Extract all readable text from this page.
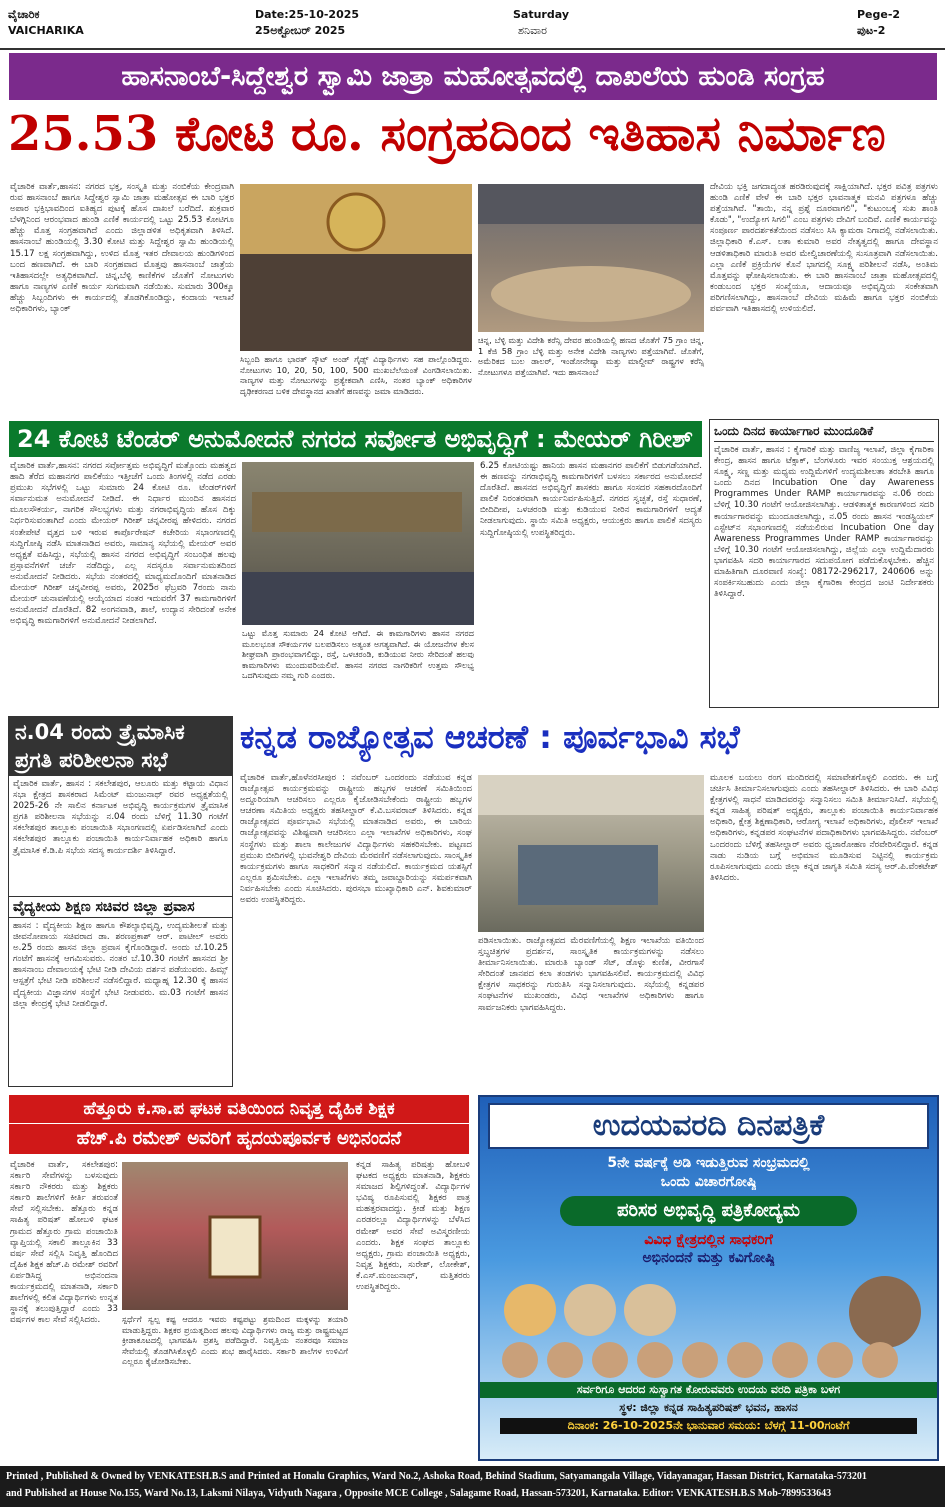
ವೈಚಾರಿಕ
VAICHARIKA
Date:25-10-2025
25ಅಕ್ಟೋಬರ್ 2025
Saturday
ಶನಿವಾರ
Pege-2
ಪುಟ-2
ಹಾಸನಾಂಬೆ-ಸಿದ್ದೇಶ್ವರ ಸ್ವಾಮಿ ಜಾತ್ರಾ ಮಹೋತ್ಸವದಲ್ಲಿ ದಾಖಲೆಯ ಹುಂಡಿ ಸಂಗ್ರಹ
25.53 ಕೋಟಿ ರೂ. ಸಂಗ್ರಹದಿಂದ ಇತಿಹಾಸ ನಿರ್ಮಾಣ
ವೈಚಾರಿಕ ವಾರ್ತೆ,ಹಾಸನ: ನಗರದ ಭಕ್ತ, ಸಂಸ್ಕೃತಿ ಮತ್ತು ನಂಬಿಕೆಯ ಕೇಂದ್ರವಾಗಿ ರುವ ಹಾಸನಾಂಬೆ ಹಾಗೂ ಸಿದ್ದೇಶ್ವರ ಸ್ವಾಮಿ ಜಾತ್ರಾ ಮಹೋತ್ಸವ ಈ ಬಾರಿ ಭಕ್ತರ ಅಪಾರ ಭಕ್ತಿಭಾವದಿಂದ ಐತಿಹ್ಯದ ಪುಟಕ್ಕೆ ಹೊಸ ದಾಖಲೆ ಬರೆದಿದೆ. ಶುಕ್ರವಾರ ಬೆಳಗ್ಗಿನಿಂದ ಆರಂಭವಾದ ಹುಂಡಿ ಎಣಿಕೆ ಕಾರ್ಯದಲ್ಲಿ ಒಟ್ಟು 25.53 ಕೋಟಿಗೂ ಹೆಚ್ಚು ಮೊತ್ತ ಸಂಗ್ರಹವಾಗಿದೆ ಎಂದು ಜಿಲ್ಲಾಡಳಿತ ಅಧಿಕೃತವಾಗಿ ತಿಳಿಸಿದೆ. ಹಾಸನಾಂಬೆ ಹುಂಡಿಯಲ್ಲಿ 3.30 ಕೋಟಿ ಮತ್ತು ಸಿದ್ದೇಶ್ವರ ಸ್ವಾಮಿ ಹುಂಡಿಯಲ್ಲಿ 15.17 ಲಕ್ಷ ಸಂಗ್ರಹವಾಗಿದ್ದು, ಉಳಿದ ಮೊತ್ತ ಇತರ ದೇವಾಲಯ ಹುಂಡಿಗಳಿಂದ ಬಂದ ಹಣವಾಗಿದೆ. ಈ ಬಾರಿ ಸಂಗ್ರಹವಾದ ಮೊತ್ತವು ಹಾಸನಾಂಬೆ ಜಾತ್ರೆಯ ಇತಿಹಾಸದಲ್ಲೇ ಅತ್ಯಧಿಕವಾಗಿದೆ. ಚಿನ್ನ,ಬೆಳ್ಳಿ ಕಾಣಿಕೆಗಳ ಜೊತೆಗೆ ನೋಟುಗಳು ಹಾಗೂ ನಾಣ್ಯಗಳ ಎಣಿಕೆ ಕಾರ್ಯ ಸುಗಮವಾಗಿ ನಡೆಯಿತು. ಸುಮಾರು 300ಕ್ಕೂ ಹೆಚ್ಚು ಸಿಬ್ಬಂದಿಗಳು ಈ ಕಾರ್ಯದಲ್ಲಿ ತೊಡಗಿಕೊಂಡಿದ್ದು, ಕಂದಾಯ ಇಲಾಖೆ ಅಧಿಕಾರಿಗಳು, ಬ್ಯಾಂಕ್
ಸಿಬ್ಬಂದಿ ಹಾಗೂ ಭಾರತ್ ಸ್ಕೌಟ್ ಅಂಡ್ ಗೈಡ್ಸ್ ವಿದ್ಯಾರ್ಥಿಗಳು ಸಹ ಪಾಲ್ಗೊಂಡಿದ್ದರು. ನೋಟುಗಳು 10, 20, 50, 100, 500 ಮುಖಬೆಲೆಯಂತೆ ವಿಂಗಡಿಸಲಾಯಿತು. ನಾಣ್ಯಗಳ ಮತ್ತು ನೋಟುಗಳನ್ನು ಪ್ರತ್ಯೇಕವಾಗಿ ಎಣಿಸಿ, ನಂತರ ಬ್ಯಾಂಕ್ ಅಧಿಕಾರಿಗಳ ದೃಢೀಕರಣದ ಬಳಿಕ ದೇವಸ್ಥಾನದ ಖಾತೆಗೆ ಹಣವನ್ನು ಜಮಾ ಮಾಡಿದರು.
ಚಿನ್ನ, ಬೆಳ್ಳಿ ಮತ್ತು ವಿದೇಶಿ ಕರೆನ್ಸಿ ದೇವರ ಹುಂಡಿಯಲ್ಲಿ ಹಣದ ಜೊತೆಗೆ 75 ಗ್ರಾಂ ಚಿನ್ನ, 1 ಕೆಜಿ 58 ಗ್ರಾಂ ಬೆಳ್ಳಿ ಮತ್ತು ಅನೇಕ ವಿದೇಶಿ ನಾಣ್ಯಗಳು ಪತ್ತೆಯಾಗಿವೆ. ಜೊತೆಗೆ, ಅಮೆರಿಕದ ಬುಲ ಡಾಲರ್, ಇಂಡೋನೇಷ್ಯಾ ಮತ್ತು ಮಾಲ್ದೀವ್ ರಾಷ್ಟ್ರಗಳ ಕರೆನ್ಸಿ ನೋಟುಗಳೂ ಪತ್ತೆಯಾಗಿವೆ. ಇದು ಹಾಸನಾಂಬೆ
ದೇವಿಯ ಭಕ್ತಿ ಜಗದಾದ್ಯಂತ ಹರಡಿರುವುದಕ್ಕೆ ಸಾಕ್ಷಿಯಾಗಿದೆ. ಭಕ್ತರ ಪವಿತ್ರ ಪತ್ರಗಳು ಹುಂಡಿ ಎಣಿಕೆ ವೇಳೆ ಈ ಬಾರಿ ಭಕ್ತರ ಭಾವನಾತ್ಮಕ ಮನವಿ ಪತ್ರಗಳೂ ಹೆಚ್ಚು ಪತ್ತೆಯಾಗಿವೆ. "ತಾಯಿ, ನನ್ನ ಪ್ರಶ್ನೆ ದೂರವಾಗಲಿ", "ಕುಟುಂಬಕ್ಕೆ ಸುಖ ಶಾಂತಿ ಕೊಡು", "ಉದ್ಯೋಗ ಸಿಗಲಿ" ಎಂಬ ಪತ್ರಗಳು ದೇವಿಗೆ ಬಂದಿವೆ. ಎಣಿಕೆ ಕಾರ್ಯವನ್ನು ಸಂಪೂರ್ಣ ಪಾರದರ್ಶಕತೆಯಿಂದ ನಡೆಸಲು ಸಿಸಿ ಕ್ಯಾಮರಾ ನಿಗಾದಲ್ಲಿ ನಡೆಸಲಾಯಿತು. ಜಿಲ್ಲಾಧಿಕಾರಿ ಕೆ.ಎಸ್. ಲತಾ ಕುಮಾರಿ ಅವರ ನೇತೃತ್ವದಲ್ಲಿ ಹಾಗೂ ದೇವಸ್ಥಾನ ಆಡಳಿತಾಧಿಕಾರಿ ಮಾರುತಿ ಅವರ ಮೇಲ್ವಿಚಾರಣೆಯಲ್ಲಿ ಸುಸೂತ್ರವಾಗಿ ನಡೆಸಲಾಯಿತು. ಎಲ್ಲಾ ಎಣಿಕೆ ಪ್ರಕ್ರಿಯೆಗಳ ಕೊನೆ ಭಾಗದಲ್ಲಿ ಸೂಕ್ಷ್ಮ ಪರಿಶೀಲನೆ ನಡೆಸಿ, ಅಂತಿಮ ಮೊತ್ತವನ್ನು ಘೋಷಿಸಲಾಯಿತು. ಈ ಬಾರಿ ಹಾಸನಾಂಬೆ ಜಾತ್ರಾ ಮಹೋತ್ಸವದಲ್ಲಿ ಕಂಡುಬಂದ ಭಕ್ತರ ಸಂಖ್ಯೆಯೂ, ಆದಾಯವೂ ಅಭಿವೃದ್ಧಿಯ ಸಂಕೇತವಾಗಿ ಪರಿಗಣಿಸಲಾಗಿದ್ದು, ಹಾಸನಾಂಬೆ ದೇವಿಯ ಮಹಿಮೆ ಹಾಗೂ ಭಕ್ತರ ನಂಬಿಕೆಯ ಪರ್ವವಾಗಿ ಇತಿಹಾಸದಲ್ಲಿ ಉಳಿಯಲಿದೆ.
24 ಕೋಟಿ ಟೆಂಡರ್ ಅನುಮೋದನೆ ನಗರದ ಸರ್ವೋತ ಅಭಿವೃದ್ಧಿಗೆ : ಮೇಯರ್ ಗಿರೀಶ್
ವೈಚಾರಿಕ ವಾರ್ತೆ,ಹಾಸನ: ನಗರದ ಸರ್ವೋತ್ತಮ ಅಭಿವೃದ್ಧಿಗೆ ಮತ್ತೊಂದು ಮಹತ್ವದ ಹಾದಿ ತೆರೆದ ಮಹಾನಗರ ಪಾಲಿಕೆಯು ಇತ್ತೀಚೆಗೆ ಒಂದು ತಿಂಗಳಲ್ಲಿ ನಡೆದ ಎರಡು ಪ್ರಮುಖ ಸಭೆಗಳಲ್ಲಿ ಒಟ್ಟು ಸುಮಾರು 24 ಕೋಟಿ ರೂ. ಟೆಂಡರ್‌ಗಳಿಗೆ ಸರ್ವಾನುಮತ ಅನುಮೋದನೆ ನೀಡಿದೆ. ಈ ನಿರ್ಧಾರ ಮುಂದಿನ ಹಾಸನದ ಮೂಲಸೌಕರ್ಯ, ನಾಗರಿಕ ಸೌಲಭ್ಯಗಳು ಮತ್ತು ನಗರಾಭಿವೃದ್ಧಿಯ ಹೊಸ ದಿಕ್ಕು ನಿರ್ಧರಿಸುವಂತಾಗಿದೆ ಎಂದು ಮೇಯರ್ ಗಿರೀಶ್ ಚನ್ನವೀರಪ್ಪ ಹೇಳಿದರು. ನಗರದ ಸಂತೇಪೇಟೆ ವೃತ್ತದ ಬಳಿ ಇರುವ ಕಾರ್ಪೊರೇಷನ್ ಕಚೇರಿಯ ಸಭಾಂಗಣದಲ್ಲಿ ಸುದ್ದಿಗೋಷ್ಠಿ ನಡೆಸಿ ಮಾತನಾಡಿದ ಅವರು, ಸಾಮಾನ್ಯ ಸಭೆಯಲ್ಲಿ ಮೇಯರ್ ಅವರ ಅಧ್ಯಕ್ಷತೆ ವಹಿಸಿದ್ದು, ಸಭೆಯಲ್ಲಿ ಹಾಸನ ನಗರದ ಅಭಿವೃದ್ಧಿಗೆ ಸಂಬಂಧಿತ ಹಲವು ಪ್ರಸ್ತಾವನೆಗಳಿಗೆ ಚರ್ಚೆ ನಡೆದಿದ್ದು, ಎಲ್ಲ ಸದಸ್ಯರೂ ಸರ್ವಾನುಮತದಿಂದ ಅನುಮೋದನೆ ನೀಡಿದರು. ಸಭೆಯ ನಂತರದಲ್ಲಿ ಮಾಧ್ಯಮದೊಂದಿಗೆ ಮಾತನಾಡಿದ ಮೇಯರ್ ಗಿರೀಶ್ ಚನ್ನವೀರಪ್ಪ ಅವರು, 2025ರ ಫೆಬ್ರವರಿ 7ರಂದು ನಾನು ಮೇಯರ್ ಚುನಾವಣೆಯಲ್ಲಿ ಆಯ್ಕೆಯಾದ ನಂತರ ಇದುವರೆಗೆ 37 ಕಾಮಗಾರಿಗಳಿಗೆ ಅನುಮೋದನೆ ದೊರೆತಿದೆ. 82 ಅಂಗನವಾಡಿ, ಶಾಲೆ, ಉದ್ಯಾನ ಸೇರಿದಂತೆ ಅನೇಕ ಅಭಿವೃದ್ಧಿ ಕಾಮಗಾರಿಗಳಿಗೆ ಅನುಮೋದನೆ ನೀಡಲಾಗಿದೆ.
ಒಟ್ಟು ಮೊತ್ತ ಸುಮಾರು 24 ಕೋಟಿ ಆಗಿದೆ. ಈ ಕಾಮಗಾರಿಗಳು ಹಾಸನ ನಗರದ ಮೂಲಭೂತ ಸೌಕರ್ಯಗಳ ಬಲಪಡಿಸಲು ಅತ್ಯಂತ ಅಗತ್ಯವಾಗಿದೆ. ಈ ಯೋಜನೆಗಳ ಕೆಲಸ ಶೀಘ್ರವಾಗಿ ಪ್ರಾರಂಭವಾಗಲಿದ್ದು, ರಸ್ತೆ, ಒಳಚರಂಡಿ, ಕುಡಿಯುವ ನೀರು ಸೇರಿದಂತೆ ಹಲವು ಕಾಮಗಾರಿಗಳು ಮುಂದುವರಿಯಲಿವೆ. ಹಾಸನ ನಗರದ ನಾಗರಿಕರಿಗೆ ಉತ್ತಮ ಸೌಲಭ್ಯ ಒದಗಿಸುವುದು ನಮ್ಮ ಗುರಿ ಎಂದರು.
6.25 ಕೋಟಿಯಷ್ಟು ಹಾನಿಯ ಹಾಸನ ಮಹಾನಗರ ಪಾಲಿಕೆಗೆ ಬಿಡುಗಡೆಯಾಗಿದೆ. ಈ ಹಣವನ್ನು ನಗರಾಭಿವೃದ್ಧಿ ಕಾಮಗಾರಿಗಳಿಗೆ ಬಳಸಲು ಸರ್ಕಾರದ ಅನುಮೋದನೆ ದೊರೆತಿದೆ. ಹಾಸನದ ಅಭಿವೃದ್ಧಿಗೆ ಶಾಸಕರು ಹಾಗೂ ಸಂಸದರ ಸಹಕಾರದೊಂದಿಗೆ ಪಾಲಿಕೆ ನಿರಂತರವಾಗಿ ಕಾರ್ಯನಿರ್ವಹಿಸುತ್ತಿದೆ. ನಗರದ ಸ್ವಚ್ಛತೆ, ರಸ್ತೆ ಸುಧಾರಣೆ, ಬೀದಿದೀಪ, ಒಳಚರಂಡಿ ಮತ್ತು ಕುಡಿಯುವ ನೀರಿನ ಕಾಮಗಾರಿಗಳಿಗೆ ಆದ್ಯತೆ ನೀಡಲಾಗುವುದು. ಸ್ಥಾಯಿ ಸಮಿತಿ ಅಧ್ಯಕ್ಷರು, ಆಯುಕ್ತರು ಹಾಗೂ ಪಾಲಿಕೆ ಸದಸ್ಯರು ಸುದ್ದಿಗೋಷ್ಠಿಯಲ್ಲಿ ಉಪಸ್ಥಿತರಿದ್ದರು.
ಒಂದು ದಿನದ ಕಾರ್ಯಾಗಾರ ಮುಂದೂಡಿಕೆ
ವೈಚಾರಿಕ ವಾರ್ತೆ, ಹಾಸನ : ಕೈಗಾರಿಕೆ ಮತ್ತು ವಾಣಿಜ್ಯ ಇಲಾಖೆ, ಜಿಲ್ಲಾ ಕೈಗಾರಿಕಾ ಕೇಂದ್ರ, ಹಾಸನ ಹಾಗೂ ಟೆಕ್ಸಾಕ್, ಬೆಂಗಳೂರು ಇವರ ಸಂಯುಕ್ತ ಆಶ್ರಯದಲ್ಲಿ ಸೂಕ್ಷ್ಮ, ಸಣ್ಣ ಮತ್ತು ಮಧ್ಯಮ ಉದ್ದಿಮೆಗಳಿಗೆ ಉದ್ಯಮಶೀಲತಾ ತರಬೇತಿ ಹಾಗೂ ಒಂದು ದಿನದ Incubation One day Awareness Programmes Under RAMP ಕಾರ್ಯಾಗಾರವನ್ನು ನ.06 ರಂದು ಬೆಳಿಗ್ಗೆ 10.30 ಗಂಟೆಗೆ ಆಯೋಜಿಸಲಾಗಿತ್ತು. ಆಡಳಿತಾತ್ಮಕ ಕಾರಣಗಳಿಂದ ಸದರಿ ಕಾರ್ಯಾಗಾರವನ್ನು ಮುಂದೂಡಲಾಗಿದ್ದು, ನ.05 ರಂದು ಹಾಸನ ಇಂಡಸ್ಟ್ರಿಯಲ್ ಎಸ್ಟೇಟ್‌ನ ಸಭಾಂಗಣದಲ್ಲಿ ನಡೆಯಲಿರುವ Incubation One day Awareness Programmes Under RAMP ಕಾರ್ಯಾಗಾರವನ್ನು ಬೆಳಿಗ್ಗೆ 10.30 ಗಂಟೆಗೆ ಆಯೋಜಿಸಲಾಗಿದ್ದು, ಜಿಲ್ಲೆಯ ಎಲ್ಲಾ ಉದ್ದಿಮೆದಾರರು ಭಾಗವಹಿಸಿ ಸದರಿ ಕಾರ್ಯಾಗಾರದ ಸದುಪಯೋಗ ಪಡೆದುಕೊಳ್ಳಬೇಕು. ಹೆಚ್ಚಿನ ಮಾಹಿತಿಗಾಗಿ ದೂರವಾಣಿ ಸಂಖ್ಯೆ: 08172-296217, 240606 ಅನ್ನು ಸಂಪರ್ಕಿಸಬಹುದು ಎಂದು ಜಿಲ್ಲಾ ಕೈಗಾರಿಕಾ ಕೇಂದ್ರದ ಜಂಟಿ ನಿರ್ದೇಶಕರು ತಿಳಿಸಿದ್ದಾರೆ.
ನ.04 ರಂದು ತ್ರೈಮಾಸಿಕ
ಪ್ರಗತಿ ಪರಿಶೀಲನಾ ಸಭೆ
ವೈಚಾರಿಕ ವಾರ್ತೆ, ಹಾಸನ : ಸಕಲೇಶಪುರ, ಆಲೂರು ಮತ್ತು ಕಟ್ಟಾಯ ವಿಧಾನ ಸಭಾ ಕ್ಷೇತ್ರದ ಶಾಸಕರಾದ ಸಿಮೆಂಟ್ ಮಂಜುನಾಥ್ ರವರ ಅಧ್ಯಕ್ಷತೆಯಲ್ಲಿ 2025-26 ನೇ ಸಾಲಿನ ಕರ್ನಾಟಕ ಅಭಿವೃದ್ಧಿ ಕಾರ್ಯಕ್ರಮಗಳ ತ್ರೈಮಾಸಿಕ ಪ್ರಗತಿ ಪರಿಶೀಲನಾ ಸಭೆಯನ್ನು ನ.04 ರಂದು ಬೆಳಿಗ್ಗೆ 11.30 ಗಂಟೆಗೆ ಸಕಲೇಶಪುರ ತಾಲ್ಲೂಕು ಪಂಚಾಯಿತಿ ಸಭಾಂಗಣದಲ್ಲಿ ಏರ್ಪಡಿಸಲಾಗಿದೆ ಎಂದು ಸಕಲೇಶಪುರ ತಾಲ್ಲೂಕು ಪಂಚಾಯಿತಿ ಕಾರ್ಯನಿರ್ವಾಹಕ ಅಧಿಕಾರಿ ಹಾಗೂ ತ್ರೈಮಾಸಿಕ ಕೆ.ಡಿ.ಪಿ ಸಭೆಯ ಸದಸ್ಯ ಕಾರ್ಯದರ್ಶಿ ತಿಳಿಸಿದ್ದಾರೆ.
ವೈದ್ಯಕೀಯ ಶಿಕ್ಷಣ ಸಚಿವರ ಜಿಲ್ಲಾ ಪ್ರವಾಸ
ಹಾಸನ : ವೈದ್ಯಕೀಯ ಶಿಕ್ಷಣ ಹಾಗೂ ಕೌಶಲ್ಯಾಭಿವೃದ್ಧಿ, ಉದ್ಯಮಶೀಲತೆ ಮತ್ತು ಜೀವನೋಪಾಯ ಸಚಿವರಾದ ಡಾ. ಶರಣಪ್ರಕಾಶ್ ಆರ್. ಪಾಟೀಲ್ ಅವರು ಅ.25 ರಂದು ಹಾಸನ ಜಿಲ್ಲಾ ಪ್ರವಾಸ ಕೈಗೊಂಡಿದ್ದಾರೆ. ಅಂದು ಬೆ.10.25 ಗಂಟೆಗೆ ಹಾಸನಕ್ಕೆ ಆಗಮಿಸುವರು. ನಂತರ ಬೆ.10.30 ಗಂಟೆಗೆ ಹಾಸನದ ಶ್ರೀ ಹಾಸನಾಂಬ ದೇವಾಲಯಕ್ಕೆ ಭೇಟಿ ನೀಡಿ ದೇವಿಯ ದರ್ಶನ ಪಡೆಯುವರು. ಹಿಮ್ಸ್ ಆಸ್ಪತ್ರೆಗೆ ಭೇಟಿ ನೀಡಿ ಪರಿಶೀಲನೆ ನಡೆಸಲಿದ್ದಾರೆ. ಮಧ್ಯಾಹ್ನ 12.30 ಕ್ಕೆ ಹಾಸನ ವೈದ್ಯಕೀಯ ವಿಜ್ಞಾನಗಳ ಸಂಸ್ಥೆಗೆ ಭೇಟಿ ನೀಡುವರು. ಮ.03 ಗಂಟೆಗೆ ಹಾಸನ ಜಿಲ್ಲಾ ಕೇಂದ್ರಕ್ಕೆ ಭೇಟಿ ನೀಡಲಿದ್ದಾರೆ.
ಕನ್ನಡ ರಾಜ್ಯೋತ್ಸವ ಆಚರಣೆ : ಪೂರ್ವಭಾವಿ ಸಭೆ
ವೈಚಾರಿಕ ವಾರ್ತೆ,ಹೊಳೆನರಸೀಪುರ : ನವೆಂಬರ್ ಒಂದರಂದು ನಡೆಯುವ ಕನ್ನಡ ರಾಜ್ಯೋತ್ಸವ ಕಾರ್ಯಕ್ರಮವನ್ನು ರಾಷ್ಟ್ರೀಯ ಹಬ್ಬಗಳ ಆಚರಣೆ ಸಮಿತಿಯಿಂದ ಅದ್ದೂರಿಯಾಗಿ ಆಚರಿಸಲು ಎಲ್ಲರೂ ಕೈಜೋಡಿಸಬೇಕೆಂದು ರಾಷ್ಟ್ರೀಯ ಹಬ್ಬಗಳ ಆಚರಣಾ ಸಮಿತಿಯ ಅಧ್ಯಕ್ಷರು ತಹಸೀಲ್ದಾರ್ ಕೆ.ವಿ.ಬಸವರಾಜ್ ತಿಳಿಸಿದರು. ಕನ್ನಡ ರಾಜ್ಯೋತ್ಸವದ ಪೂರ್ವಭಾವಿ ಸಭೆಯಲ್ಲಿ ಮಾತನಾಡಿದ ಅವರು, ಈ ಬಾರಿಯ ರಾಜ್ಯೋತ್ಸವವನ್ನು ವಿಶಿಷ್ಟವಾಗಿ ಆಚರಿಸಲು ಎಲ್ಲಾ ಇಲಾಖೆಗಳ ಅಧಿಕಾರಿಗಳು, ಸಂಘ ಸಂಸ್ಥೆಗಳು ಮತ್ತು ಶಾಲಾ ಕಾಲೇಜುಗಳ ವಿದ್ಯಾರ್ಥಿಗಳು ಸಹಕರಿಸಬೇಕು. ಪಟ್ಟಣದ ಪ್ರಮುಖ ಬೀದಿಗಳಲ್ಲಿ ಭುವನೇಶ್ವರಿ ದೇವಿಯ ಮೆರವಣಿಗೆ ನಡೆಸಲಾಗುವುದು. ಸಾಂಸ್ಕೃತಿಕ ಕಾರ್ಯಕ್ರಮಗಳು ಹಾಗೂ ಸಾಧಕರಿಗೆ ಸನ್ಮಾನ ನಡೆಯಲಿದೆ. ಕಾರ್ಯಕ್ರಮದ ಯಶಸ್ಸಿಗೆ ಎಲ್ಲರೂ ಶ್ರಮಿಸಬೇಕು. ಎಲ್ಲಾ ಇಲಾಖೆಗಳು ತಮ್ಮ ಜವಾಬ್ದಾರಿಯನ್ನು ಸಮರ್ಪಕವಾಗಿ ನಿರ್ವಹಿಸಬೇಕು ಎಂದು ಸೂಚಿಸಿದರು. ಪುರಸಭಾ ಮುಖ್ಯಾಧಿಕಾರಿ ಎನ್. ಶಿವಕುಮಾರ್ ಅವರು ಉಪಸ್ಥಿತರಿದ್ದರು.
ಪಡಿಸಲಾಯಿತು. ರಾಜ್ಯೋತ್ಸವದ ಮೆರವಣಿಗೆಯಲ್ಲಿ ಶಿಕ್ಷಣ ಇಲಾಖೆಯ ವತಿಯಿಂದ ಸ್ತಬ್ಧಚಿತ್ರಗಳ ಪ್ರದರ್ಶನ, ಸಾಂಸ್ಕೃತಿಕ ಕಾರ್ಯಕ್ರಮಗಳನ್ನು ನಡೆಸಲು ತೀರ್ಮಾನಿಸಲಾಯಿತು. ಮಾರುತಿ ಬ್ಯಾಂಡ್ ಸೆಟ್, ಡೊಳ್ಳು ಕುಣಿತ, ವೀರಗಾಸೆ ಸೇರಿದಂತೆ ಜಾನಪದ ಕಲಾ ತಂಡಗಳು ಭಾಗವಹಿಸಲಿವೆ. ಕಾರ್ಯಕ್ರಮದಲ್ಲಿ ವಿವಿಧ ಕ್ಷೇತ್ರಗಳ ಸಾಧಕರನ್ನು ಗುರುತಿಸಿ ಸನ್ಮಾನಿಸಲಾಗುವುದು. ಸಭೆಯಲ್ಲಿ ಕನ್ನಡಪರ ಸಂಘಟನೆಗಳ ಮುಖಂಡರು, ವಿವಿಧ ಇಲಾಖೆಗಳ ಅಧಿಕಾರಿಗಳು ಹಾಗೂ ಸಾರ್ವಜನಿಕರು ಭಾಗವಹಿಸಿದ್ದರು.
ಮೂಲಕ ಬಯಲು ರಂಗ ಮಂದಿರದಲ್ಲಿ ಸಮಾವೇಶಗೊಳ್ಳಲಿ ಎಂದರು. ಈ ಬಗ್ಗೆ ಚರ್ಚಿಸಿ ತೀರ್ಮಾನಿಸಲಾಗುವುದು ಎಂದು ತಹಸೀಲ್ದಾರ್ ತಿಳಿಸಿದರು. ಈ ಬಾರಿ ವಿವಿಧ ಕ್ಷೇತ್ರಗಳಲ್ಲಿ ಸಾಧನೆ ಮಾಡಿದವರನ್ನು ಸನ್ಮಾನಿಸಲು ಸಮಿತಿ ತೀರ್ಮಾನಿಸಿದೆ. ಸಭೆಯಲ್ಲಿ ಕನ್ನಡ ಸಾಹಿತ್ಯ ಪರಿಷತ್ ಅಧ್ಯಕ್ಷರು, ತಾಲ್ಲೂಕು ಪಂಚಾಯಿತಿ ಕಾರ್ಯನಿರ್ವಾಹಕ ಅಧಿಕಾರಿ, ಕ್ಷೇತ್ರ ಶಿಕ್ಷಣಾಧಿಕಾರಿ, ಆರೋಗ್ಯ ಇಲಾಖೆ ಅಧಿಕಾರಿಗಳು, ಪೊಲೀಸ್ ಇಲಾಖೆ ಅಧಿಕಾರಿಗಳು, ಕನ್ನಡಪರ ಸಂಘಟನೆಗಳ ಪದಾಧಿಕಾರಿಗಳು ಭಾಗವಹಿಸಿದ್ದರು. ನವೆಂಬರ್ ಒಂದರಂದು ಬೆಳಿಗ್ಗೆ ತಹಸೀಲ್ದಾರ್ ಅವರು ಧ್ವಜಾರೋಹಣ ನೆರವೇರಿಸಲಿದ್ದಾರೆ. ಕನ್ನಡ ನಾಡು ನುಡಿಯ ಬಗ್ಗೆ ಅಭಿಮಾನ ಮೂಡಿಸುವ ನಿಟ್ಟಿನಲ್ಲಿ ಕಾರ್ಯಕ್ರಮ ರೂಪಿಸಲಾಗುವುದು ಎಂದು ಜಿಲ್ಲಾ ಕನ್ನಡ ಜಾಗೃತಿ ಸಮಿತಿ ಸದಸ್ಯ ಆರ್.ಪಿ.ವೆಂಕಟೇಶ್ ತಿಳಿಸಿದರು.
ಹೆತ್ತೂರು ಕ.ಸಾ.ಪ ಘಟಕ ವತಿಯಿಂದ ನಿವೃತ್ತ ದೈಹಿಕ ಶಿಕ್ಷಕ
ಹೆಚ್.ಪಿ ರಮೇಶ್ ಅವರಿಗೆ ಹೃದಯಪೂರ್ವಕ ಅಭಿನಂದನೆ
ವೈಚಾರಿಕ ವಾರ್ತೆ, ಸಕಲೇಶಪುರ: ಸರ್ಕಾರಿ ಸೇವೆಗಳನ್ನು ಬಳಸುವುದು ಸರ್ಕಾರಿ ನೌಕರರು ಮತ್ತು ಶಿಕ್ಷಕರು ಸರ್ಕಾರಿ ಶಾಲೆಗಳಿಗೆ ಕೀರ್ತಿ ತರುವಂತೆ ಸೇವೆ ಸಲ್ಲಿಸಬೇಕು. ಹೆತ್ತೂರು ಕನ್ನಡ ಸಾಹಿತ್ಯ ಪರಿಷತ್ ಹೋಬಳಿ ಘಟಕ ಗ್ರಾಮದ ಹೆತ್ತೂರು ಗ್ರಾಮ ಪಂಚಾಯಿತಿ ವ್ಯಾಪ್ತಿಯಲ್ಲಿ ಸಕಾಲಿ ತಾಲ್ಲೂಕಿನ 33 ವರ್ಷ ಸೇವೆ ಸಲ್ಲಿಸಿ ನಿವೃತ್ತಿ ಹೊಂದಿದ ದೈಹಿಕ ಶಿಕ್ಷಕ ಹೆಚ್.ಪಿ ರಮೇಶ್ ರವರಿಗೆ ಏರ್ಪಡಿಸಿದ್ದ ಅಭಿನಂದನಾ ಕಾರ್ಯಕ್ರಮದಲ್ಲಿ ಮಾತನಾಡಿ, ಸರ್ಕಾರಿ ಶಾಲೆಗಳಲ್ಲಿ ಕಲಿತ ವಿದ್ಯಾರ್ಥಿಗಳು ಉನ್ನತ ಸ್ಥಾನಕ್ಕೆ ತಲುಪುತ್ತಿದ್ದಾರೆ ಎಂದು 33 ವರ್ಷಗಳ ಕಾಲ ಸೇವೆ ಸಲ್ಲಿಸಿದರು.	ಸ್ಪರ್ಧೆಗೆ ಸ್ವಲ್ಪ ಕಷ್ಟ ಆದರೂ ಇವರು ಕಷ್ಟಪಟ್ಟು ಶ್ರಮದಿಂದ ಮಕ್ಕಳನ್ನು ತಯಾರಿ ಮಾಡುತ್ತಿದ್ದರು. ಶಿಕ್ಷಕರ ಪ್ರಯತ್ನದಿಂದ ಹಲವು ವಿದ್ಯಾರ್ಥಿಗಳು ರಾಜ್ಯ ಮತ್ತು ರಾಷ್ಟ್ರಮಟ್ಟದ ಕ್ರೀಡಾಕೂಟದಲ್ಲಿ ಭಾಗವಹಿಸಿ ಪ್ರಶಸ್ತಿ ಪಡೆದಿದ್ದಾರೆ. ನಿವೃತ್ತಿಯ ನಂತರವೂ ಸಮಾಜ ಸೇವೆಯಲ್ಲಿ ತೊಡಗಿಸಿಕೊಳ್ಳಲಿ ಎಂದು ಶುಭ ಹಾರೈಸಿದರು. ಸರ್ಕಾರಿ ಶಾಲೆಗಳ ಉಳಿವಿಗೆ ಎಲ್ಲರೂ ಕೈಜೋಡಿಸಬೇಕು.
ಕನ್ನಡ ಸಾಹಿತ್ಯ ಪರಿಷತ್ತು ಹೋಬಳಿ ಘಟಕದ ಅಧ್ಯಕ್ಷರು ಮಾತನಾಡಿ, ಶಿಕ್ಷಕರು ಸಮಾಜದ ಶಿಲ್ಪಿಗಳಿದ್ದಂತೆ. ವಿದ್ಯಾರ್ಥಿಗಳ ಭವಿಷ್ಯ ರೂಪಿಸುವಲ್ಲಿ ಶಿಕ್ಷಕರ ಪಾತ್ರ ಮಹತ್ತರವಾದದ್ದು. ಕ್ರೀಡೆ ಮತ್ತು ಶಿಕ್ಷಣ ಎರಡರಲ್ಲೂ ವಿದ್ಯಾರ್ಥಿಗಳನ್ನು ಬೆಳೆಸಿದ ರಮೇಶ್ ಅವರ ಸೇವೆ ಅವಿಸ್ಮರಣೀಯ ಎಂದರು. ಶಿಕ್ಷಕ ಸಂಘದ ತಾಲ್ಲೂಕು ಅಧ್ಯಕ್ಷರು, ಗ್ರಾಮ ಪಂಚಾಯಿತಿ ಅಧ್ಯಕ್ಷರು, ನಿವೃತ್ತ ಶಿಕ್ಷಕರು, ಸುರೇಶ್, ಲೋಕೇಶ್, ಕೆ.ಎಸ್.ಮಂಜುನಾಥ್, ಮತ್ತಿತರರು ಉಪಸ್ಥಿತರಿದ್ದರು.
ಉದಯವರದಿ ದಿನಪತ್ರಿಕೆ
5ನೇ ವರ್ಷಕ್ಕೆ ಅಡಿ ಇಡುತ್ತಿರುವ ಸಂಭ್ರಮದಲ್ಲಿ
ಒಂದು ವಿಚಾರಗೋಷ್ಠಿ
ಪರಿಸರ ಅಭಿವೃದ್ಧಿ ಪತ್ರಿಕೋದ್ಯಮ
ವಿವಿಧ ಕ್ಷೇತ್ರದಲ್ಲಿನ ಸಾಧಕರಿಗೆ
ಅಭಿನಂದನೆ ಮತ್ತು ಕವಿಗೋಷ್ಠಿ
ಸರ್ವರಿಗೂ ಆದರದ ಸುಸ್ವಾಗತ ಕೋರುವವರು ಉದಯ ವರದಿ ಪತ್ರಿಕಾ ಬಳಗ
ಸ್ಥಳ: ಜಿಲ್ಲಾ ಕನ್ನಡ ಸಾಹಿತ್ಯಪರಿಷತ್ ಭವನ, ಹಾಸನ
ದಿನಾಂಕ: 26-10-2025ನೇ ಭಾನುವಾರ ಸಮಯ: ಬೆಳಗ್ಗೆ 11-00ಗಂಟೆಗೆ
Printed , Published & Owned by VENKATESH.B.S and Printed at Honalu Graphics, Ward No.2, Ashoka Road, Behind Stadium, Satyamangala Village, Vidayanagar, Hassan District, Karnataka-573201
and Published at House No.155, Ward No.13, Laksmi Nilaya, Vidyuth Nagara , Opposite MCE College , Salagame Road, Hassan-573201, Karnataka. Editor: VENKATESH.B.S Mob-7899533643
